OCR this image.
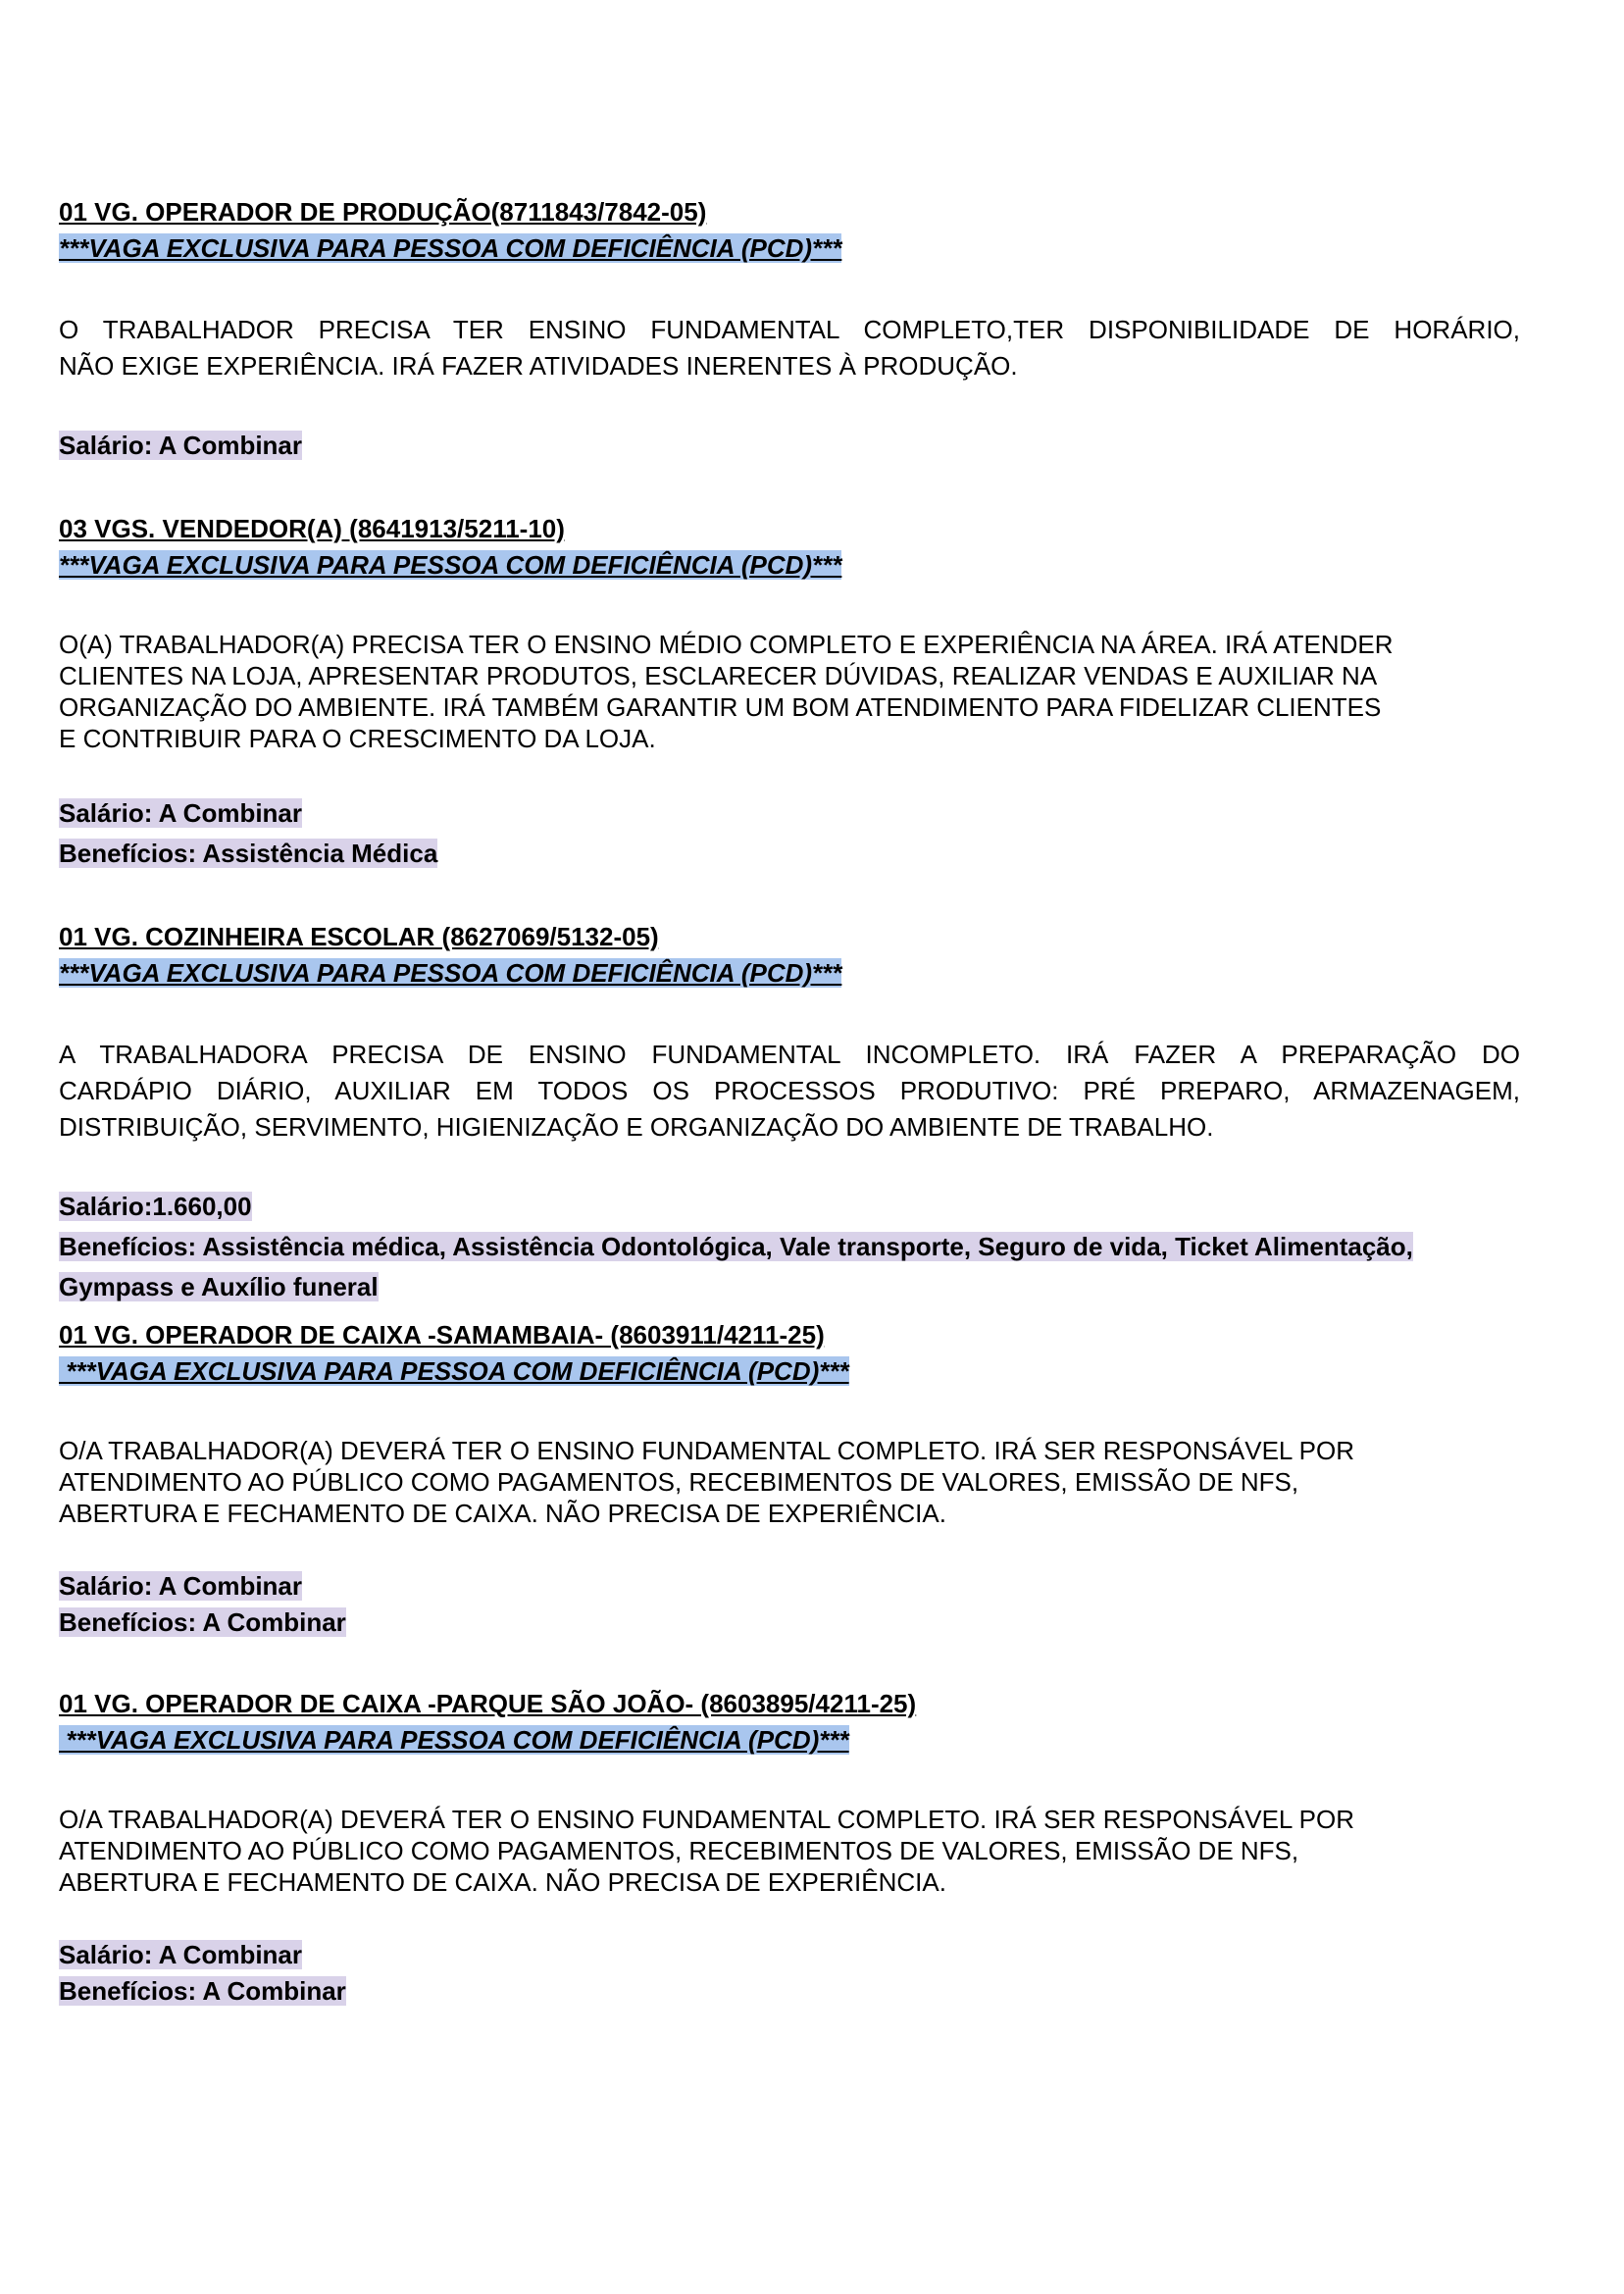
01 VG. OPERADOR DE PRODUÇÃO(8711843/7842-05)
***VAGA EXCLUSIVA PARA PESSOA COM DEFICIÊNCIA (PCD)***
O TRABALHADOR PRECISA TER ENSINO FUNDAMENTAL COMPLETO,TER DISPONIBILIDADE DE HORÁRIO,
NÃO EXIGE EXPERIÊNCIA. IRÁ FAZER ATIVIDADES INERENTES À PRODUÇÃO.
Salário: A Combinar
03 VGS. VENDEDOR(A) (8641913/5211-10)
***VAGA EXCLUSIVA PARA PESSOA COM DEFICIÊNCIA (PCD)***
O(A) TRABALHADOR(A) PRECISA TER O ENSINO MÉDIO COMPLETO E EXPERIÊNCIA NA ÁREA. IRÁ ATENDER
CLIENTES NA LOJA, APRESENTAR PRODUTOS, ESCLARECER DÚVIDAS, REALIZAR VENDAS E AUXILIAR NA
ORGANIZAÇÃO DO AMBIENTE. IRÁ TAMBÉM GARANTIR UM BOM ATENDIMENTO PARA FIDELIZAR CLIENTES
E CONTRIBUIR PARA O CRESCIMENTO DA LOJA.
Salário: A Combinar
Benefícios: Assistência Médica
01 VG. COZINHEIRA ESCOLAR (8627069/5132-05)
***VAGA EXCLUSIVA PARA PESSOA COM DEFICIÊNCIA (PCD)***
A TRABALHADORA PRECISA DE ENSINO FUNDAMENTAL INCOMPLETO. IRÁ FAZER A PREPARAÇÃO DO
CARDÁPIO DIÁRIO, AUXILIAR EM TODOS OS PROCESSOS PRODUTIVO: PRÉ PREPARO, ARMAZENAGEM,
DISTRIBUIÇÃO, SERVIMENTO, HIGIENIZAÇÃO E ORGANIZAÇÃO DO AMBIENTE DE TRABALHO.
Salário:1.660,00
Benefícios: Assistência médica, Assistência Odontológica, Vale transporte, Seguro de vida, Ticket Alimentação,
Gympass e Auxílio funeral
01 VG. OPERADOR DE CAIXA -SAMAMBAIA- (8603911/4211-25)
***VAGA EXCLUSIVA PARA PESSOA COM DEFICIÊNCIA (PCD)***
O/A TRABALHADOR(A) DEVERÁ TER O ENSINO FUNDAMENTAL COMPLETO. IRÁ SER RESPONSÁVEL POR
ATENDIMENTO AO PÚBLICO COMO PAGAMENTOS, RECEBIMENTOS DE VALORES, EMISSÃO DE NFS,
ABERTURA E FECHAMENTO DE CAIXA. NÃO PRECISA DE EXPERIÊNCIA.
Salário: A Combinar
Benefícios: A Combinar
01 VG. OPERADOR DE CAIXA -PARQUE SÃO JOÃO- (8603895/4211-25)
***VAGA EXCLUSIVA PARA PESSOA COM DEFICIÊNCIA (PCD)***
O/A TRABALHADOR(A) DEVERÁ TER O ENSINO FUNDAMENTAL COMPLETO. IRÁ SER RESPONSÁVEL POR
ATENDIMENTO AO PÚBLICO COMO PAGAMENTOS, RECEBIMENTOS DE VALORES, EMISSÃO DE NFS,
ABERTURA E FECHAMENTO DE CAIXA. NÃO PRECISA DE EXPERIÊNCIA.
Salário: A Combinar
Benefícios: A Combinar
